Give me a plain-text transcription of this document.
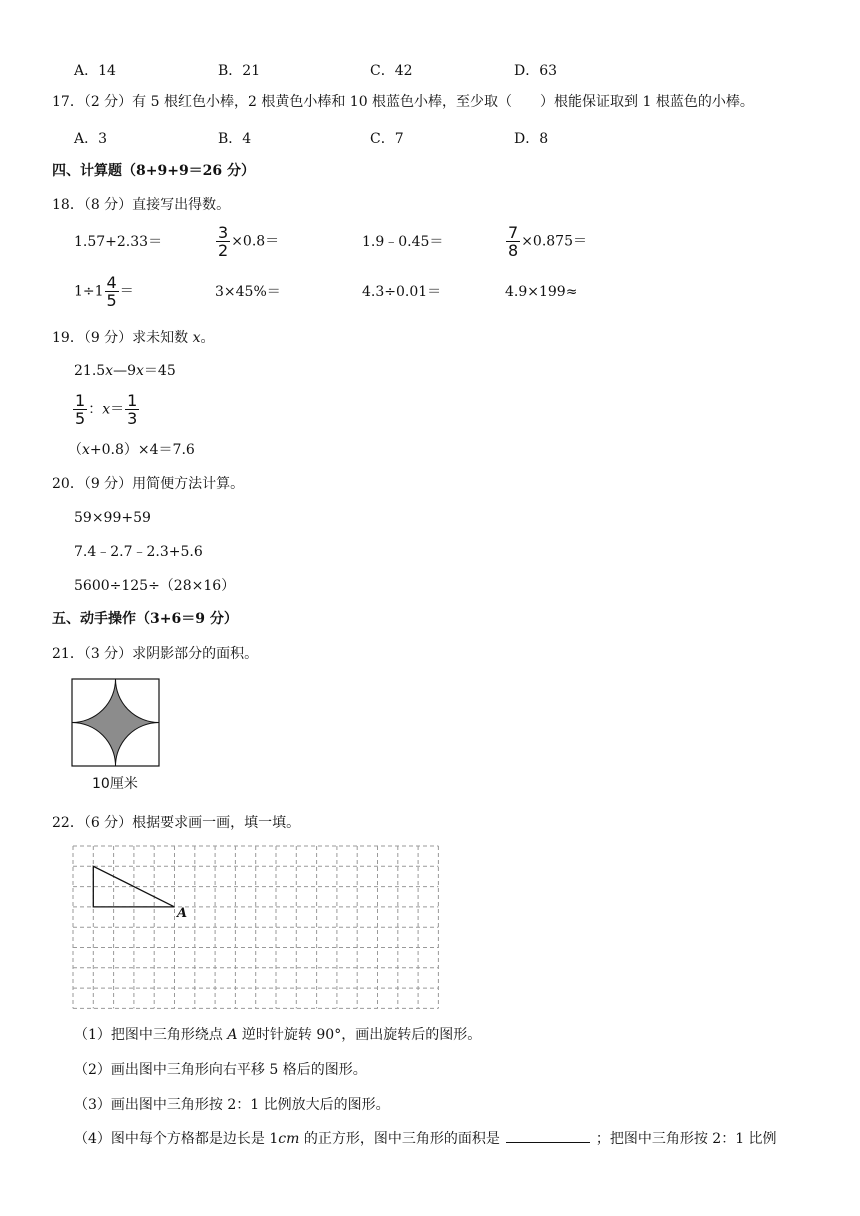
A．14	B．21	C．42	D．63
17．（2 分）有 5 根红色小棒，2 根黄色小棒和 10 根蓝色小棒，至少取（　　）根能保证取到 1 根蓝色的小棒。
A．3	B．4	C．7	D．8
四、计算题（8+9+9＝26 分）
18．（8 分）直接写出得数。
1.57+2.33＝	$\frac{3}{2} \times 0.8=$	1.9﹣0.45＝	$\frac{7}{8} \times 0.875=$
$1\div 1 \frac{4}{5}$ ＝	3×45%＝	4.3÷0.01＝	4.9×199≈
19．（9 分）求未知数 x。
21.5x—9x＝45
$\frac{1}{5}$ ：$x= \frac{1}{3}$
（x+0.8）×4＝7.6
20．（9 分）用简便方法计算。
59×99+59
7.4﹣2.7﹣2.3+5.6
5600÷125÷（28×16）
五、动手操作（3+6＝9 分）
21．（3 分）求阴影部分的面积。
10厘米
22．（6 分）根据要求画一画，填一填。
A
（1）把图中三角形绕点 A 逆时针旋转 90°，画出旋转后的图形。
（2）画出图中三角形向右平移 5 格后的图形。
（3）画出图中三角形按 2：1 比例放大后的图形。
（4）图中每个方格都是边长是 1cm 的正方形，图中三角形的面积是	；把图中三角形按 2：1 比例
